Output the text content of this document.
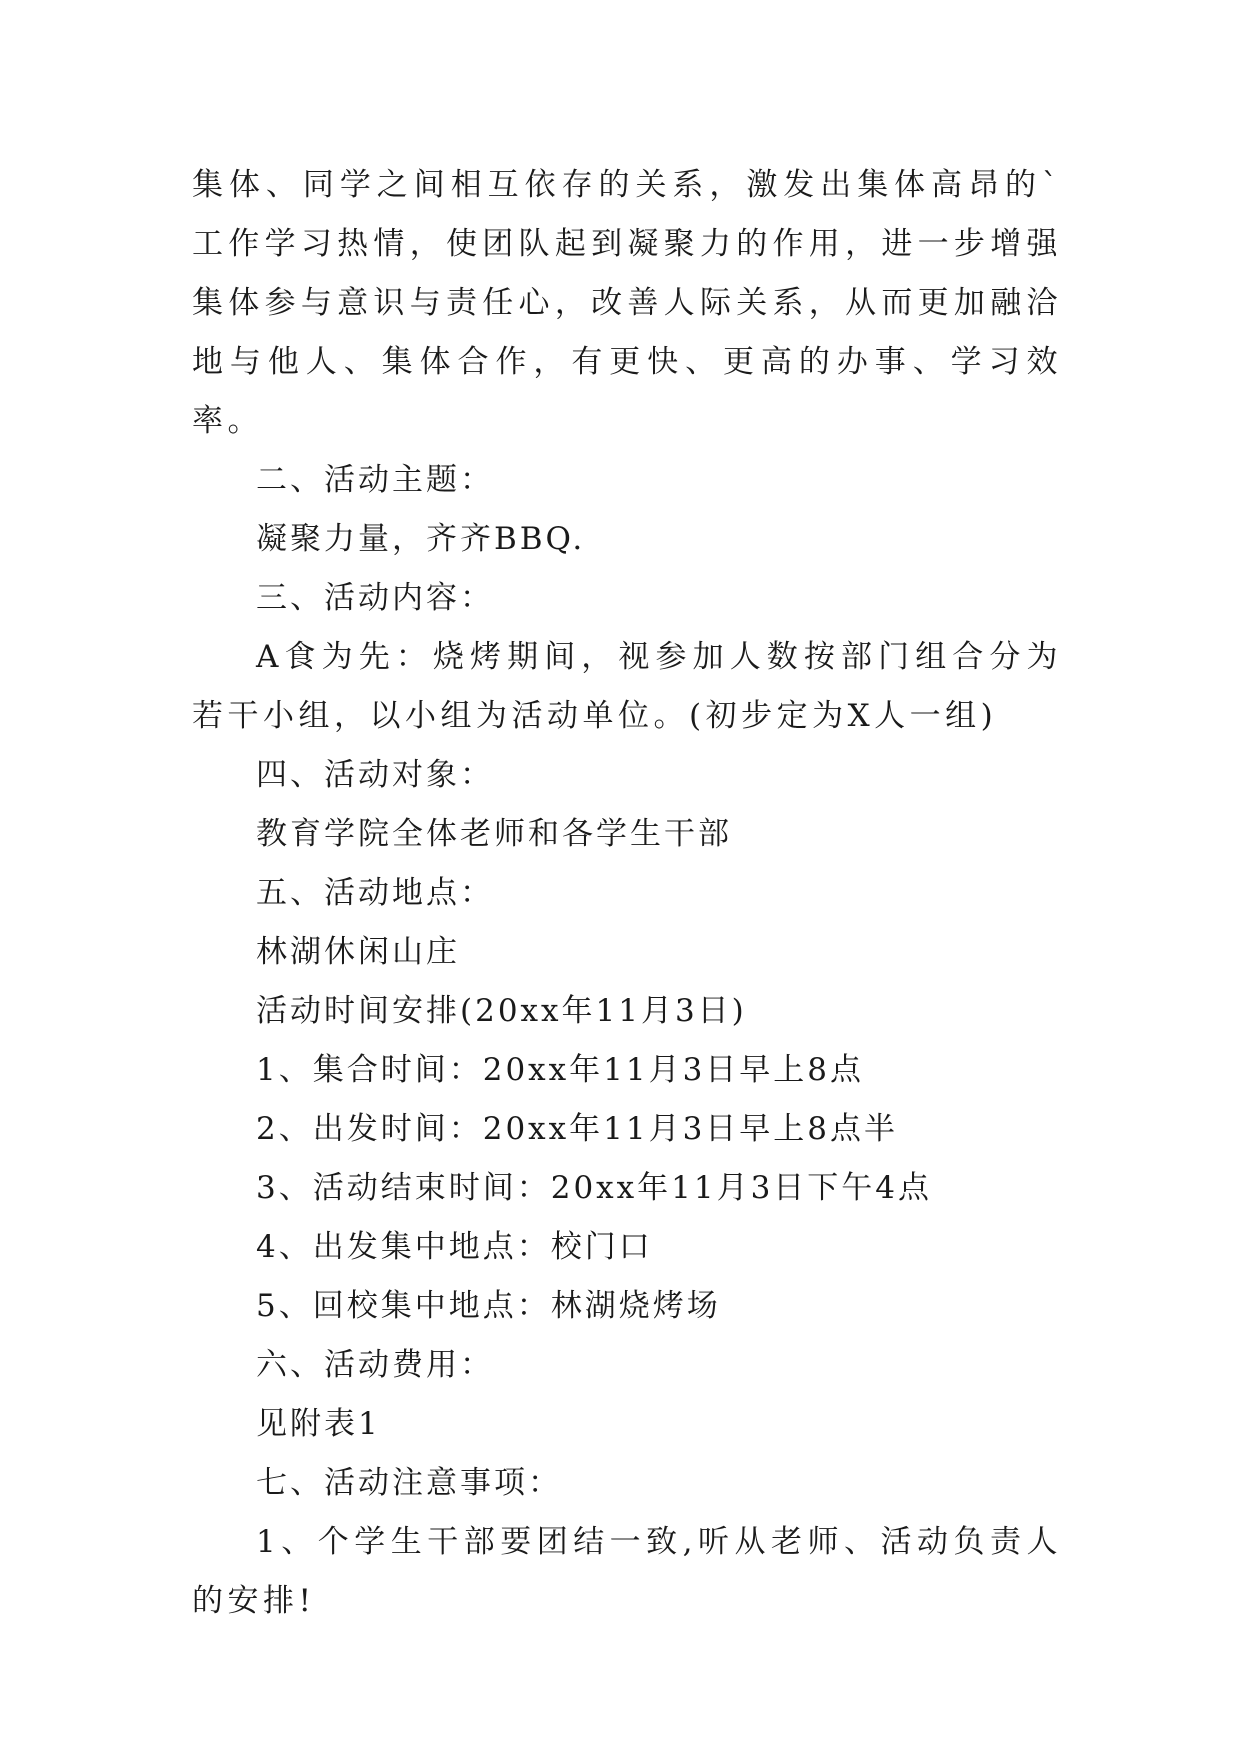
集体、同学之间相互依存的关系，激发出集体高昂的`工作学习热情，使团队起到凝聚力的作用，进一步增强集体参与意识与责任心，改善人际关系，从而更加融洽地与他人、集体合作，有更快、更高的办事、学习效率。

二、活动主题：

凝聚力量，齐齐BBQ.

三、活动内容：

A食为先：烧烤期间，视参加人数按部门组合分为若干小组，以小组为活动单位。(初步定为X人一组)

四、活动对象：

教育学院全体老师和各学生干部

五、活动地点：

林湖休闲山庄

活动时间安排(20xx年11月3日)

1、集合时间：20xx年11月3日早上8点

2、出发时间：20xx年11月3日早上8点半

3、活动结束时间：20xx年11月3日下午4点

4、出发集中地点：校门口

5、回校集中地点：林湖烧烤场

六、活动费用：

见附表1

七、活动注意事项：

1、个学生干部要团结一致,听从老师、活动负责人的安排!
